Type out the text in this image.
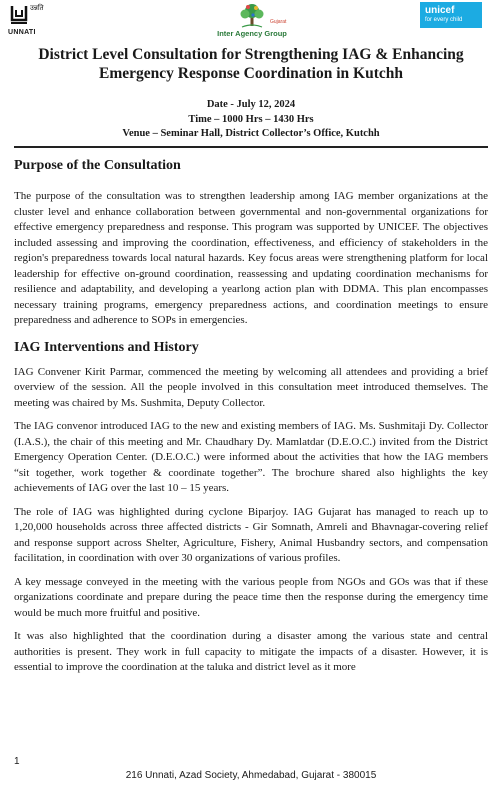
उन्नति
UNNATI
Gujarat
Inter Agency Group
unicef
for every child
District Level Consultation for Strengthening IAG & Enhancing Emergency Response Coordination in Kutchh
Date - July 12, 2024
Time – 1000 Hrs – 1430 Hrs
Venue – Seminar Hall, District Collector’s Office, Kutchh
Purpose of the Consultation

The purpose of the consultation was to strengthen leadership among IAG member organizations at the cluster level and enhance collaboration between governmental and non-governmental organizations for effective emergency preparedness and response. This program was supported by UNICEF. The objectives included assessing and improving the coordination, effectiveness, and efficiency of stakeholders in the region's preparedness towards local natural hazards. Key focus areas were strengthening platform for local leadership for effective on-ground coordination, reassessing and updating coordination mechanisms for resilience and adaptability, and developing a yearlong action plan with DDMA. This plan encompasses necessary training programs, emergency preparedness actions, and coordination meetings to ensure preparedness and adherence to SOPs in emergencies.

IAG Interventions and History

IAG Convener Kirit Parmar, commenced the meeting by welcoming all attendees and providing a brief overview of the session. All the people involved in this consultation meet introduced themselves. The meeting was chaired by Ms. Sushmita, Deputy Collector.

The IAG convenor introduced IAG to the new and existing members of IAG. Ms. Sushmitaji Dy. Collector (I.A.S.), the chair of this meeting and Mr. Chaudhary Dy. Mamlatdar (D.E.O.C.) invited from the District Emergency Operation Center. (D.E.O.C.) were informed about the activities that how the IAG members “sit together, work together & coordinate together”. The brochure shared also highlights the key achievements of IAG over the last 10 – 15 years.

The role of IAG was highlighted during cyclone Biparjoy. IAG Gujarat has managed to reach up to 1,20,000 households across three affected districts - Gir Somnath, Amreli and Bhavnagar-covering relief and response support across Shelter, Agriculture, Fishery, Animal Husbandry sectors, and compensation facilitation, in coordination with over 30 organizations of various profiles.

A key message conveyed in the meeting with the various people from NGOs and GOs was that if these organizations coordinate and prepare during the peace time then the response during the emergency time would be much more fruitful and positive.

It was also highlighted that the coordination during a disaster among the various state and central authorities is present. They work in full capacity to mitigate the impacts of a disaster. However, it is essential to improve the coordination at the taluka and district level as it more

1
216 Unnati, Azad Society, Ahmedabad, Gujarat - 380015
